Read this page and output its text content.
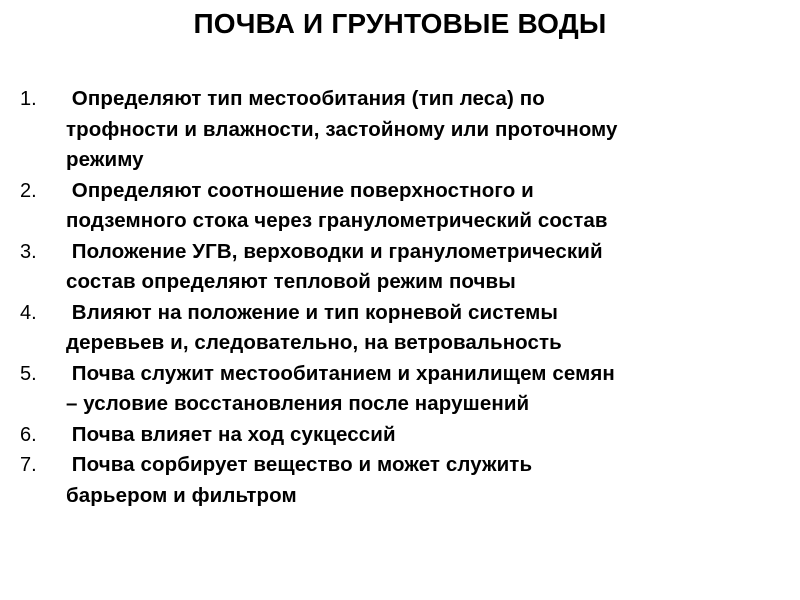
ПОЧВА И ГРУНТОВЫЕ ВОДЫ
1.	Определяют тип местообитания (тип леса) по
трофности и влажности, застойному или проточному
режиму
2.	Определяют соотношение поверхностного и
подземного стока через гранулометрический состав
3.	Положение УГВ, верховодки и гранулометрический
состав определяют тепловой режим почвы
4.	Влияют на положение и тип корневой системы
деревьев и, следовательно, на ветровальность
5.	Почва служит местообитанием и хранилищем семян
– условие восстановления после нарушений
6.	Почва влияет на ход сукцессий
7.	Почва сорбирует вещество и может служить
барьером и фильтром
